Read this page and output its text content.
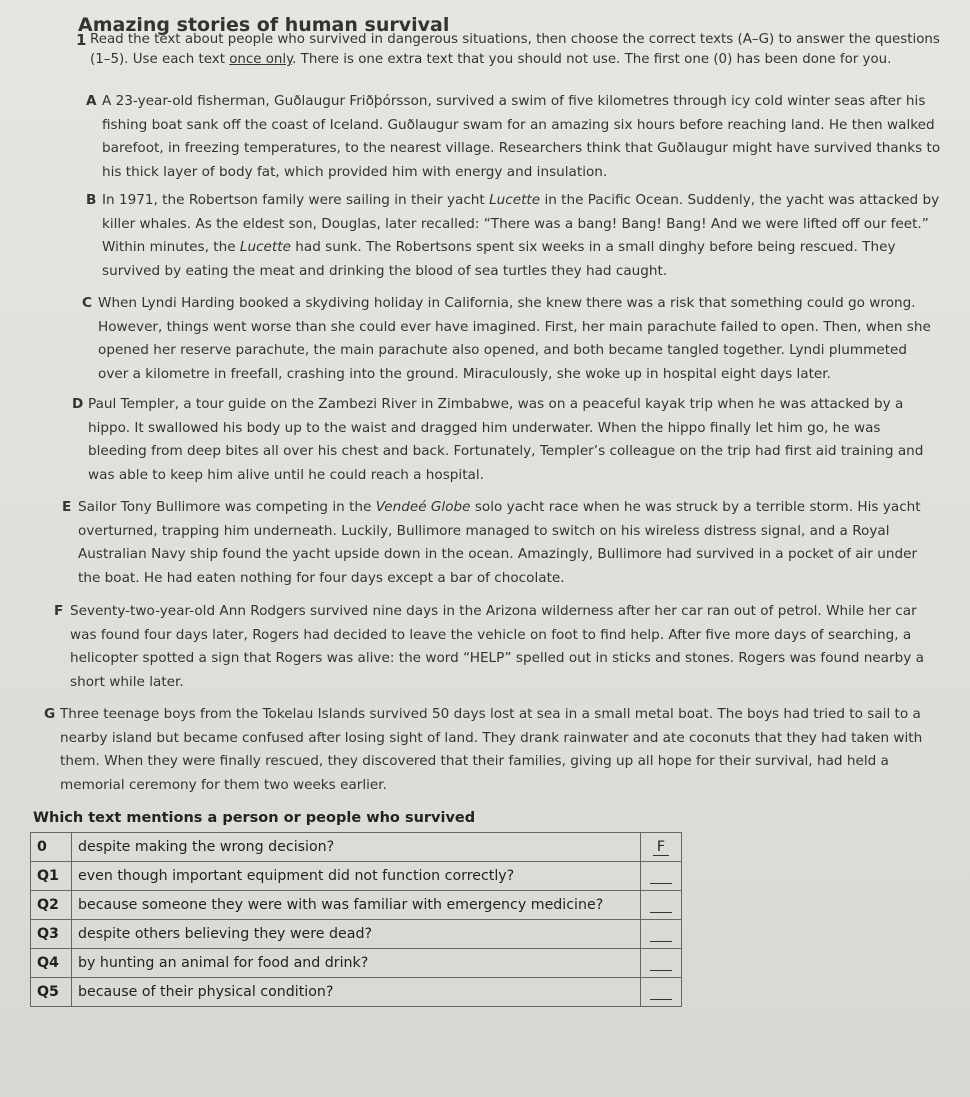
Amazing stories of human survival
1 Read the text about people who survived in dangerous situations, then choose the correct texts (A–G) to answer the questions (1–5). Use each text once only. There is one extra text that you should not use. The first one (0) has been done for you.
A A 23-year-old fisherman, Guðlaugur Friðþórsson, survived a swim of five kilometres through icy cold winter seas after his fishing boat sank off the coast of Iceland. Guðlaugur swam for an amazing six hours before reaching land. He then walked barefoot, in freezing temperatures, to the nearest village. Researchers think that Guðlaugur might have survived thanks to his thick layer of body fat, which provided him with energy and insulation.
B In 1971, the Robertson family were sailing in their yacht Lucette in the Pacific Ocean. Suddenly, the yacht was attacked by killer whales. As the eldest son, Douglas, later recalled: “There was a bang! Bang! Bang! And we were lifted off our feet.” Within minutes, the Lucette had sunk. The Robertsons spent six weeks in a small dinghy before being rescued. They survived by eating the meat and drinking the blood of sea turtles they had caught.
C When Lyndi Harding booked a skydiving holiday in California, she knew there was a risk that something could go wrong. However, things went worse than she could ever have imagined. First, her main parachute failed to open. Then, when she opened her reserve parachute, the main parachute also opened, and both became tangled together. Lyndi plummeted over a kilometre in freefall, crashing into the ground. Miraculously, she woke up in hospital eight days later.
D Paul Templer, a tour guide on the Zambezi River in Zimbabwe, was on a peaceful kayak trip when he was attacked by a hippo. It swallowed his body up to the waist and dragged him underwater. When the hippo finally let him go, he was bleeding from deep bites all over his chest and back. Fortunately, Templer’s colleague on the trip had first aid training and was able to keep him alive until he could reach a hospital.
E Sailor Tony Bullimore was competing in the Vendeé Globe solo yacht race when he was struck by a terrible storm. His yacht overturned, trapping him underneath. Luckily, Bullimore managed to switch on his wireless distress signal, and a Royal Australian Navy ship found the yacht upside down in the ocean. Amazingly, Bullimore had survived in a pocket of air under the boat. He had eaten nothing for four days except a bar of chocolate.
F Seventy-two-year-old Ann Rodgers survived nine days in the Arizona wilderness after her car ran out of petrol. While her car was found four days later, Rogers had decided to leave the vehicle on foot to find help. After five more days of searching, a helicopter spotted a sign that Rogers was alive: the word “HELP” spelled out in sticks and stones. Rogers was found nearby a short while later.
G Three teenage boys from the Tokelau Islands survived 50 days lost at sea in a small metal boat. The boys had tried to sail to a nearby island but became confused after losing sight of land. They drank rainwater and ate coconuts that they had taken with them. When they were finally rescued, they discovered that their families, giving up all hope for their survival, had held a memorial ceremony for them two weeks earlier.
Which text mentions a person or people who survived
0	despite making the wrong decision?	F
Q1	even though important equipment did not function correctly?	
Q2	because someone they were with was familiar with emergency medicine?	
Q3	despite others believing they were dead?	
Q4	by hunting an animal for food and drink?	
Q5	because of their physical condition?	
